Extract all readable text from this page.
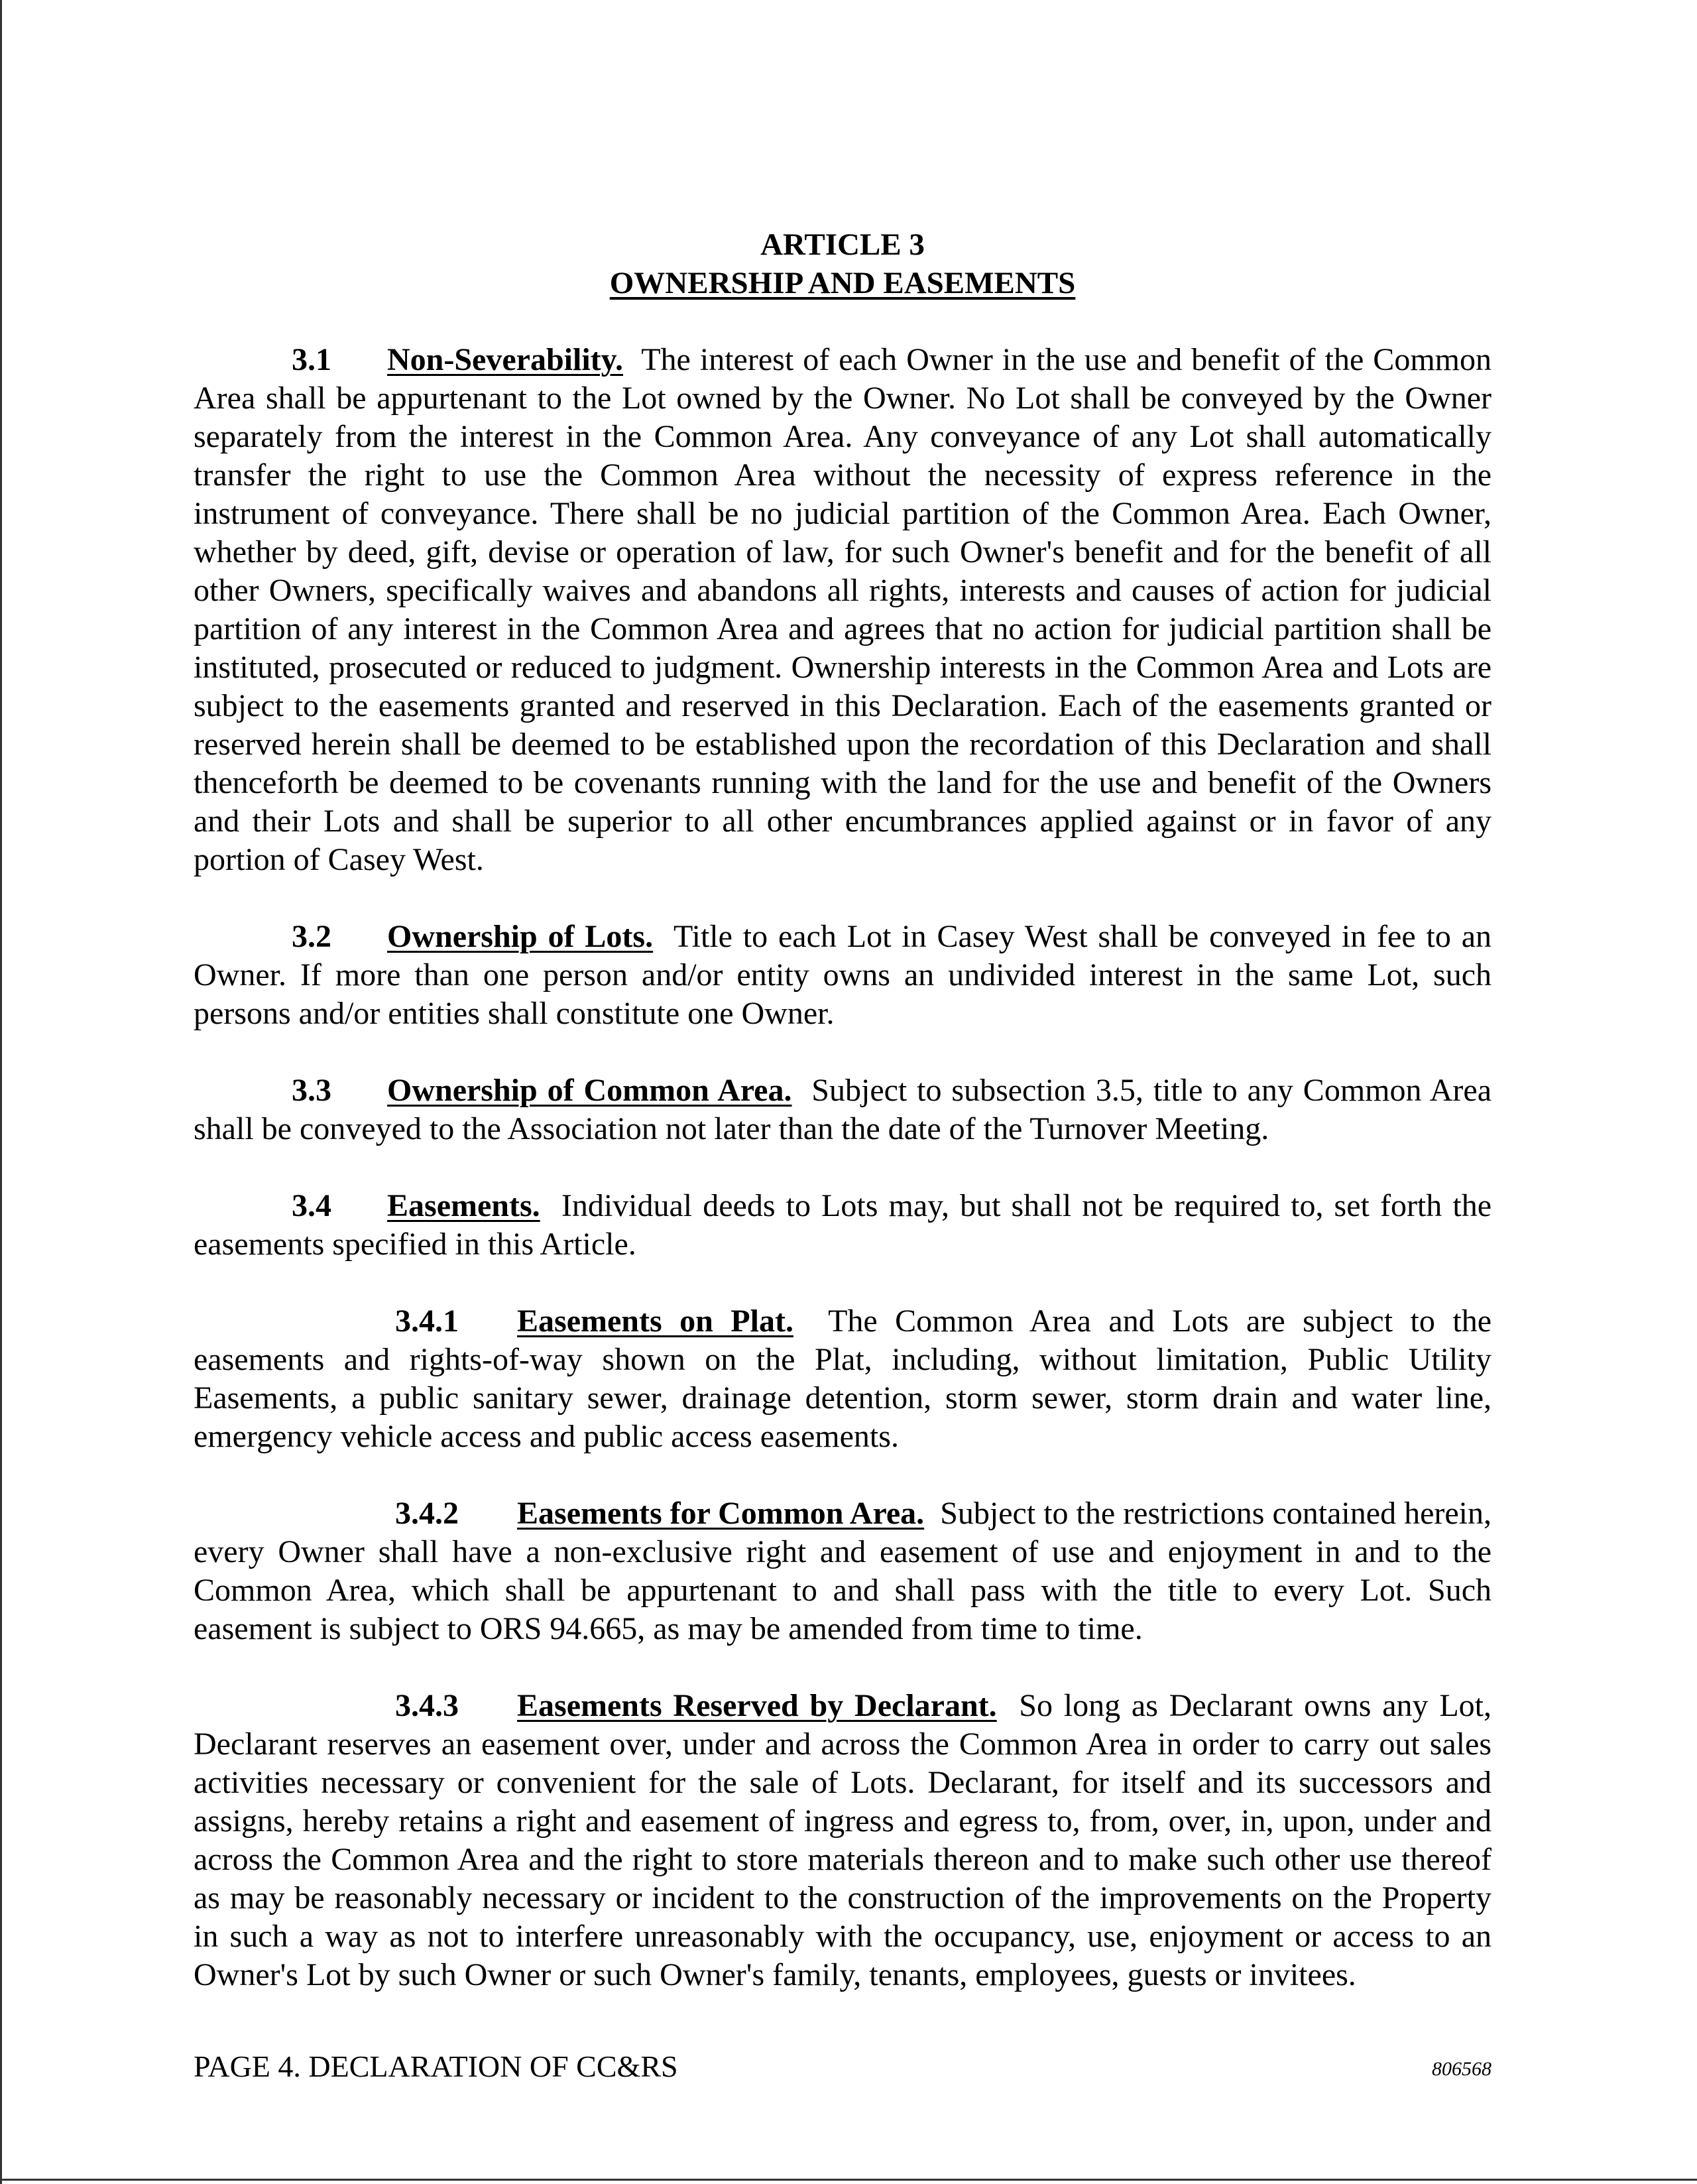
ARTICLE 3
OWNERSHIP AND EASEMENTS

3.1 Non-Severability. The interest of each Owner in the use and benefit of the Common Area shall be appurtenant to the Lot owned by the Owner. No Lot shall be conveyed by the Owner separately from the interest in the Common Area. Any conveyance of any Lot shall automatically transfer the right to use the Common Area without the necessity of express reference in the instrument of conveyance. There shall be no judicial partition of the Common Area. Each Owner, whether by deed, gift, devise or operation of law, for such Owner's benefit and for the benefit of all other Owners, specifically waives and abandons all rights, interests and causes of action for judicial partition of any interest in the Common Area and agrees that no action for judicial partition shall be instituted, prosecuted or reduced to judgment. Ownership interests in the Common Area and Lots are subject to the easements granted and reserved in this Declaration. Each of the easements granted or reserved herein shall be deemed to be established upon the recordation of this Declaration and shall thenceforth be deemed to be covenants running with the land for the use and benefit of the Owners and their Lots and shall be superior to all other encumbrances applied against or in favor of any portion of Casey West.

3.2 Ownership of Lots. Title to each Lot in Casey West shall be conveyed in fee to an Owner. If more than one person and/or entity owns an undivided interest in the same Lot, such persons and/or entities shall constitute one Owner.

3.3 Ownership of Common Area. Subject to subsection 3.5, title to any Common Area shall be conveyed to the Association not later than the date of the Turnover Meeting.

3.4 Easements. Individual deeds to Lots may, but shall not be required to, set forth the easements specified in this Article.

3.4.1 Easements on Plat. The Common Area and Lots are subject to the easements and rights-of-way shown on the Plat, including, without limitation, Public Utility Easements, a public sanitary sewer, drainage detention, storm sewer, storm drain and water line, emergency vehicle access and public access easements.

3.4.2 Easements for Common Area. Subject to the restrictions contained herein, every Owner shall have a non-exclusive right and easement of use and enjoyment in and to the Common Area, which shall be appurtenant to and shall pass with the title to every Lot. Such easement is subject to ORS 94.665, as may be amended from time to time.

3.4.3 Easements Reserved by Declarant. So long as Declarant owns any Lot, Declarant reserves an easement over, under and across the Common Area in order to carry out sales activities necessary or convenient for the sale of Lots. Declarant, for itself and its successors and assigns, hereby retains a right and easement of ingress and egress to, from, over, in, upon, under and across the Common Area and the right to store materials thereon and to make such other use thereof as may be reasonably necessary or incident to the construction of the improvements on the Property in such a way as not to interfere unreasonably with the occupancy, use, enjoyment or access to an Owner's Lot by such Owner or such Owner's family, tenants, employees, guests or invitees.

PAGE 4. DECLARATION OF CC&RS	806568
